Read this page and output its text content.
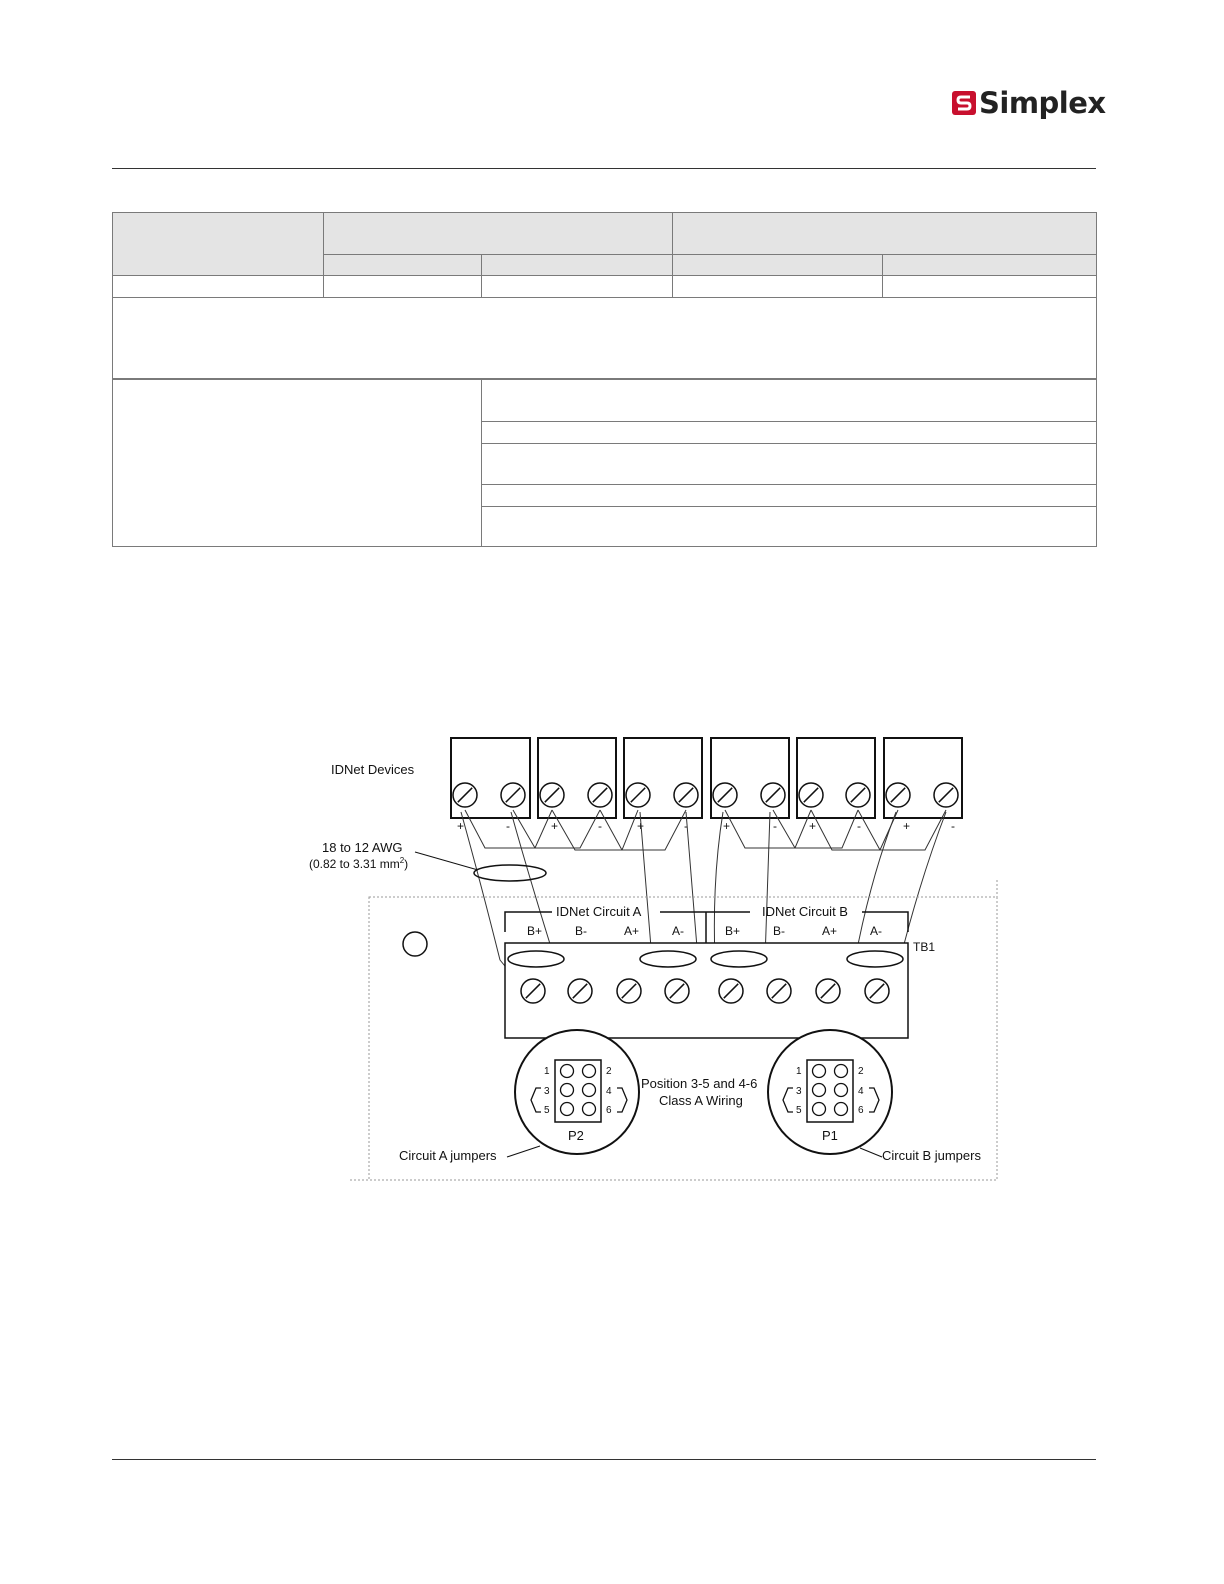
Simplex

+	-	+	-	+	-	+	-	+	-	+	-
IDNet Devices
18 to 12 AWG
(0.82 to 3.31 $mm^2$)
IDNet Circuit A	IDNet Circuit B
TB1
B+	B-	A+	A-	B+	B-	A+	A-
1	2
3	4
5	6
P2
1	2
3	4
5	6
P1
Position 3-5 and 4-6
Class A Wiring
Circuit A jumpers	Circuit B jumpers
